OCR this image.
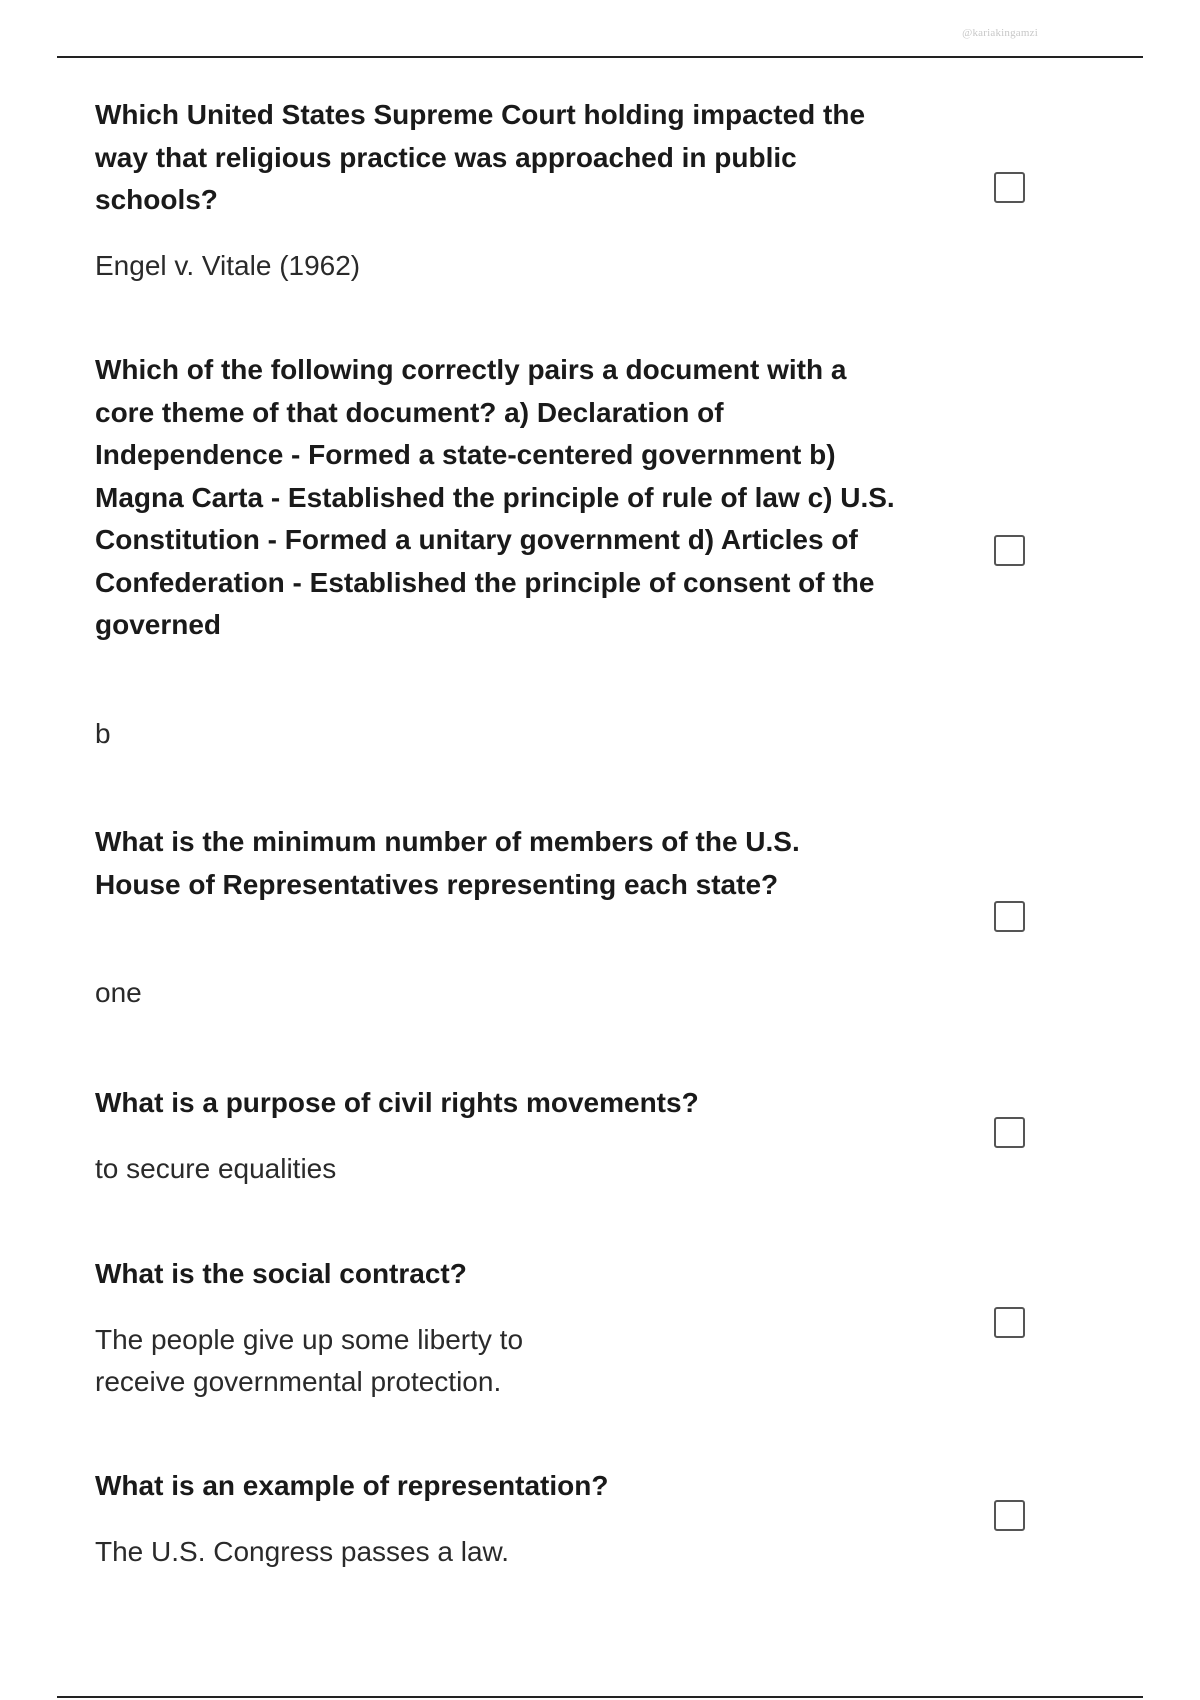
@kariakingamzi

Which United States Supreme Court holding impacted the way that religious practice was approached in public schools?

Engel v. Vitale (1962)

Which of the following correctly pairs a document with a core theme of that document? a) Declaration of Independence - Formed a state-centered government b) Magna Carta - Established the principle of rule of law c) U.S. Constitution - Formed a unitary government d) Articles of Confederation - Established the principle of consent of the governed

b

What is the minimum number of members of the U.S. House of Representatives representing each state?

one

What is a purpose of civil rights movements?

to secure equalities

What is the social contract?

The people give up some liberty to receive governmental protection.

What is an example of representation?

The U.S. Congress passes a law.
